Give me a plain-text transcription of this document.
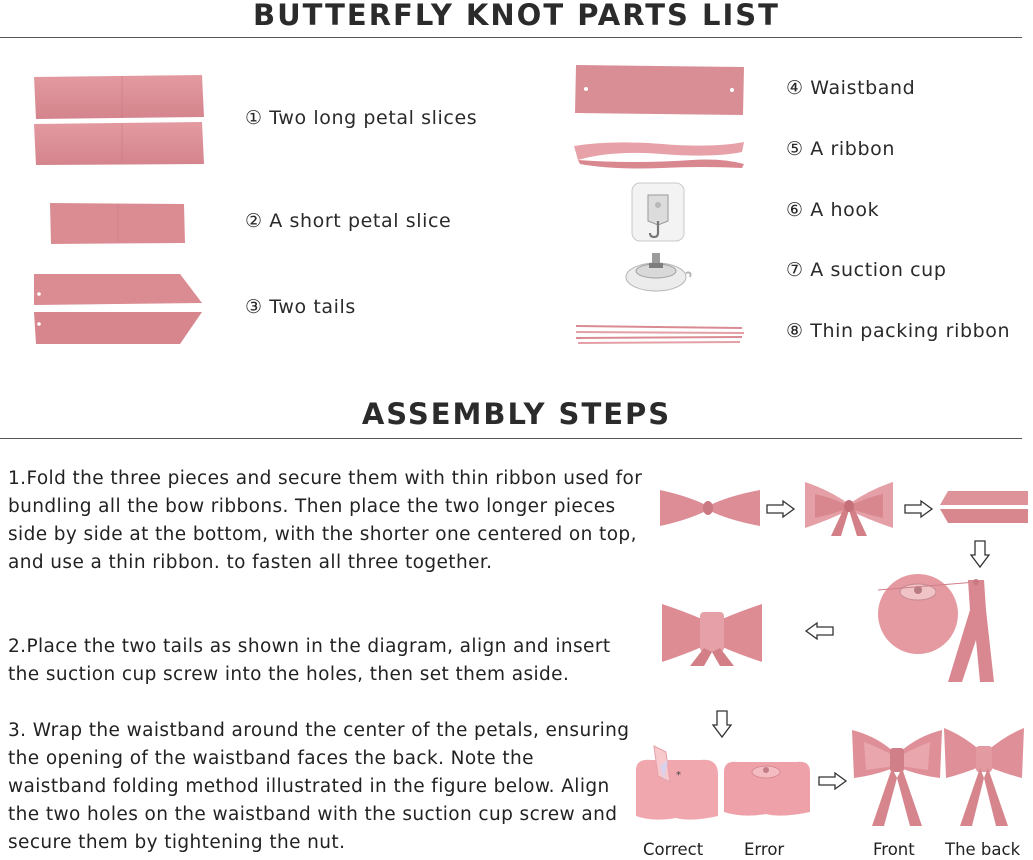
BUTTERFLY KNOT PARTS LIST
① Two long petal slices
② A short petal slice
③ Two tails
④ Waistband
⑤ A ribbon
⑥ A hook
⑦ A suction cup
⑧ Thin packing ribbon
ASSEMBLY STEPS
1.Fold the three pieces and secure them with thin ribbon used for bundling all the bow ribbons. Then place the two longer pieces side by side at the bottom, with the shorter one centered on top, and use a thin ribbon. to fasten all three together.
2.Place the two tails as shown in the diagram, align and insert the suction cup screw into the holes, then set them aside.
3. Wrap the waistband around the center of the petals, ensuring the opening of the waistband faces the back. Note the waistband folding method illustrated in the figure below. Align the two holes on the waistband with the suction cup screw and secure them by tightening the nut.
*
Correct Error	Front The back
